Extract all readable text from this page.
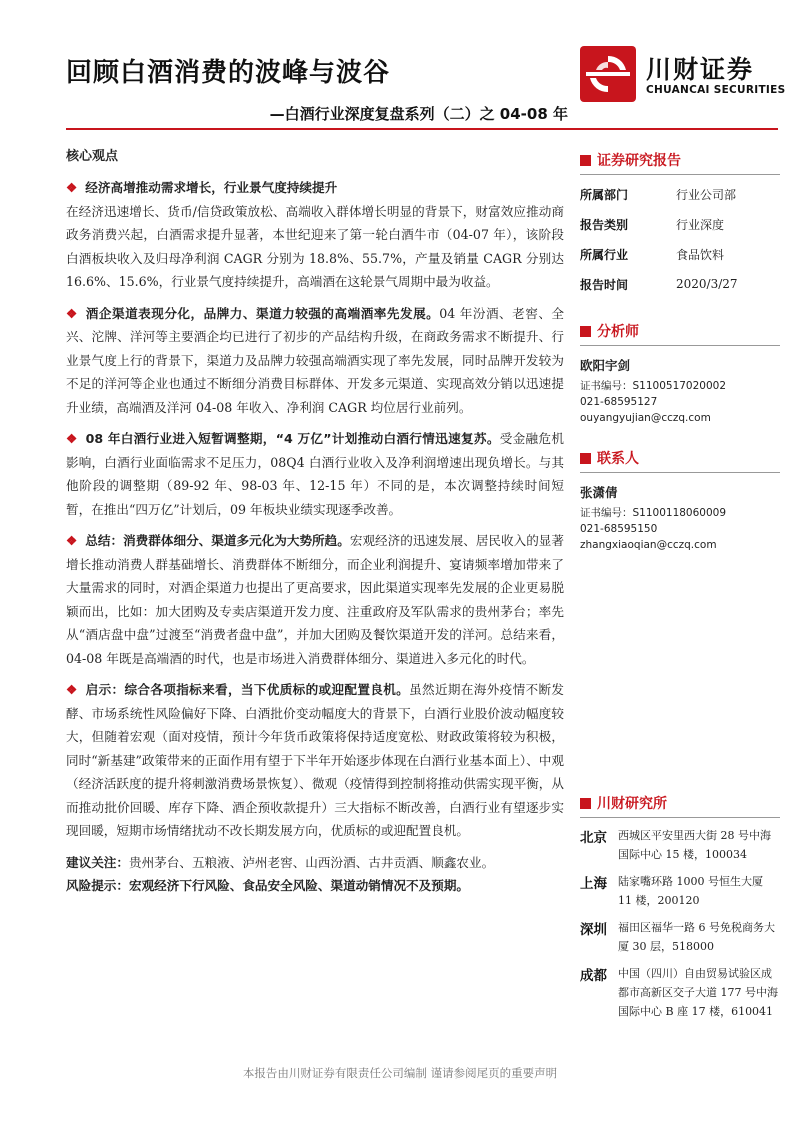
回顾白酒消费的波峰与波谷
—白酒行业深度复盘系列（二）之 04-08 年
川财证券
CHUANCAI SECURITIES
核心观点

❖ 经济高增推动需求增长，行业景气度持续提升
在经济迅速增长、货币/信贷政策放松、高端收入群体增长明显的背景下，财富效应推动商政务消费兴起，白酒需求提升显著，本世纪迎来了第一轮白酒牛市（04-07 年），该阶段白酒板块收入及归母净利润 CAGR 分别为 18.8%、55.7%，产量及销量 CAGR 分别达 16.6%、15.6%，行业景气度持续提升，高端酒在这轮景气周期中最为收益。

❖ 酒企渠道表现分化，品牌力、渠道力较强的高端酒率先发展。04 年汾酒、老窖、全兴、沱牌、洋河等主要酒企均已进行了初步的产品结构升级，在商政务需求不断提升、行业景气度上行的背景下，渠道力及品牌力较强高端酒实现了率先发展，同时品牌开发较为不足的洋河等企业也通过不断细分消费目标群体、开发多元渠道、实现高效分销以迅速提升业绩，高端酒及洋河 04-08 年收入、净利润 CAGR 均位居行业前列。

❖ 08 年白酒行业进入短暂调整期，“4 万亿”计划推动白酒行情迅速复苏。受金融危机影响，白酒行业面临需求不足压力，08Q4 白酒行业收入及净利润增速出现负增长。与其他阶段的调整期（89-92 年、98-03 年、12-15 年）不同的是，本次调整持续时间短暂，在推出“四万亿”计划后，09 年板块业绩实现逐季改善。

❖ 总结：消费群体细分、渠道多元化为大势所趋。宏观经济的迅速发展、居民收入的显著增长推动消费人群基础增长、消费群体不断细分，而企业利润提升、宴请频率增加带来了大量需求的同时，对酒企渠道力也提出了更高要求，因此渠道实现率先发展的企业更易脱颖而出，比如：加大团购及专卖店渠道开发力度、注重政府及军队需求的贵州茅台；率先从“酒店盘中盘”过渡至“消费者盘中盘”，并加大团购及餐饮渠道开发的洋河。总结来看，04-08 年既是高端酒的时代，也是市场进入消费群体细分、渠道进入多元化的时代。

❖ 启示：综合各项指标来看，当下优质标的或迎配置良机。虽然近期在海外疫情不断发酵、市场系统性风险偏好下降、白酒批价变动幅度大的背景下，白酒行业股价波动幅度较大，但随着宏观（面对疫情，预计今年货币政策将保持适度宽松、财政政策将较为积极，同时“新基建”政策带来的正面作用有望于下半年开始逐步体现在白酒行业基本面上）、中观（经济活跃度的提升将刺激消费场景恢复）、微观（疫情得到控制将推动供需实现平衡，从而推动批价回暖、库存下降、酒企预收款提升）三大指标不断改善，白酒行业有望逐步实现回暖，短期市场情绪扰动不改长期发展方向，优质标的或迎配置良机。

建议关注：贵州茅台、五粮液、泸州老窖、山西汾酒、古井贡酒、顺鑫农业。

风险提示：宏观经济下行风险、食品安全风险、渠道动销情况不及预期。

证券研究报告
所属部门	行业公司部
报告类别	行业深度
所属行业	食品饮料
报告时间	2020/3/27
分析师
欧阳宇剑
证书编号：S1100517020002
021-68595127
ouyangyujian@cczq.com
联系人
张潇倩
证书编号：S1100118060009
021-68595150
zhangxiaoqian@cczq.com
川财研究所
北京	西城区平安里西大街 28 号中海国际中心 15 楼，100034
上海	陆家嘴环路 1000 号恒生大厦 11 楼，200120
深圳	福田区福华一路 6 号免税商务大厦 30 层，518000
成都	中国（四川）自由贸易试验区成都市高新区交子大道 177 号中海国际中心 B 座 17 楼，610041
本报告由川财证券有限责任公司编制 谨请参阅尾页的重要声明
